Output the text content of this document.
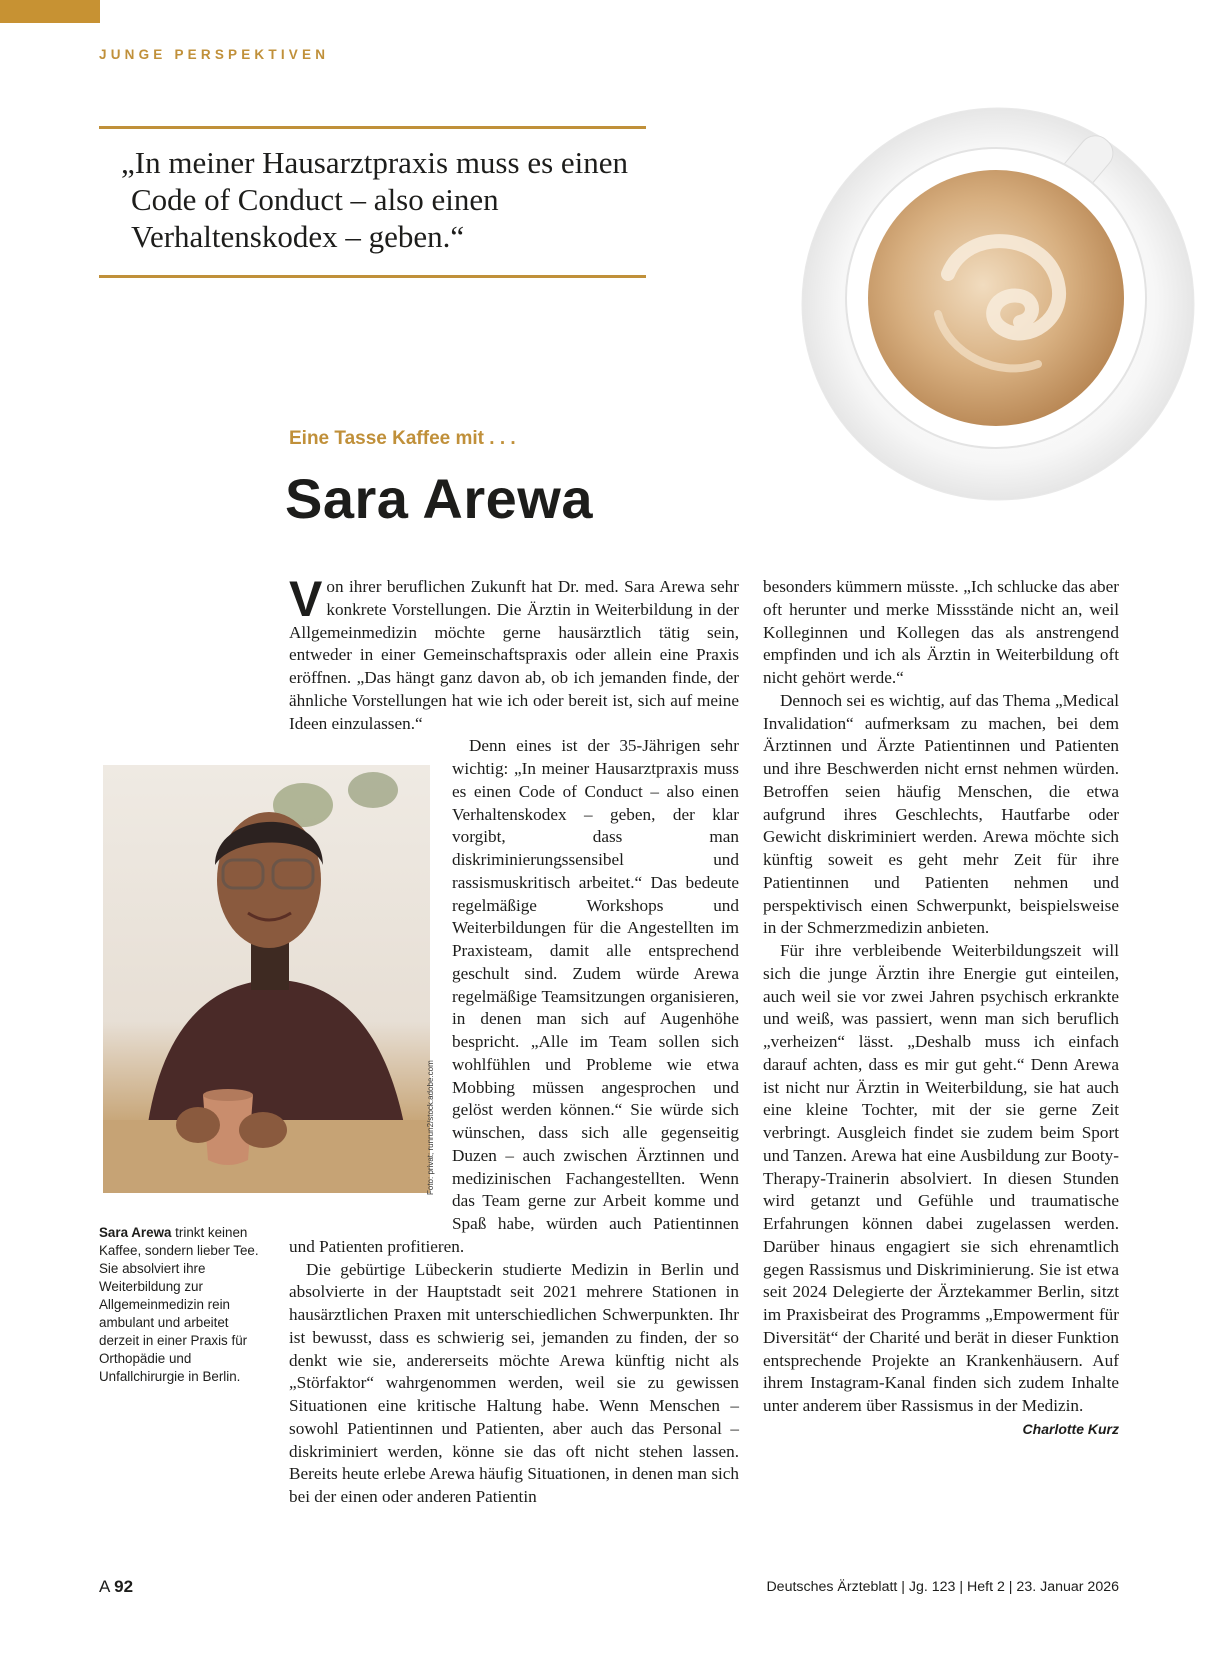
JUNGE PERSPEKTIVEN

„In meiner Hausarztpraxis muss es einen Code of Conduct – also einen Verhaltenskodex – geben.“

Eine Tasse Kaffee mit . . .
Sara Arewa
Foto: privat; runrun2/stock.adobe.com
Sara Arewa trinkt keinen Kaffee, sondern lieber Tee. Sie absolviert ihre Weiterbildung zur Allgemeinmedizin rein ambulant und arbeitet derzeit in einer Praxis für Orthopädie und Unfallchirurgie in Berlin.

Von ihrer beruflichen Zukunft hat Dr. med. Sara Arewa sehr konkrete Vorstellungen. Die Ärztin in Weiterbildung in der Allgemeinmedizin möchte gerne hausärztlich tätig sein, entweder in einer Gemeinschaftspraxis oder allein eine Praxis eröffnen. „Das hängt ganz davon ab, ob ich jemanden finde, der ähnliche Vorstellungen hat wie ich oder bereit ist, sich auf meine Ideen einzulassen.“

Denn eines ist der 35-Jährigen sehr wichtig: „In meiner Hausarztpraxis muss es einen Code of Conduct – also einen Verhaltenskodex – geben, der klar vorgibt, dass man diskriminierungssensibel und rassismuskritisch arbeitet.“ Das bedeute regelmäßige Workshops und Weiterbildungen für die Angestellten im Praxisteam, damit alle entsprechend geschult sind. Zudem würde Arewa regelmäßige Teamsitzungen organisieren, in denen man sich auf Augenhöhe bespricht. „Alle im Team sollen sich wohlfühlen und Probleme wie etwa Mobbing müssen angesprochen und gelöst werden können.“ Sie würde sich wünschen, dass sich alle gegenseitig Duzen – auch zwischen Ärztinnen und medizinischen Fachangestellten. Wenn das Team gerne zur Arbeit komme und Spaß habe, würden auch Patientinnen und Patienten profitieren.

Die gebürtige Lübeckerin studierte Medizin in Berlin und absolvierte in der Hauptstadt seit 2021 mehrere Stationen in hausärztlichen Praxen mit unterschiedlichen Schwerpunkten. Ihr ist bewusst, dass es schwierig sei, jemanden zu finden, der so denkt wie sie, andererseits möchte Arewa künftig nicht als „Störfaktor“ wahrgenommen werden, weil sie zu gewissen Situationen eine kritische Haltung habe. Wenn Menschen – sowohl Patientinnen und Patienten, aber auch das Personal – diskriminiert werden, könne sie das oft nicht stehen lassen. Bereits heute erlebe Arewa häufig Situationen, in denen man sich bei der einen oder anderen Patientin

besonders kümmern müsste. „Ich schlucke das aber oft herunter und merke Missstände nicht an, weil Kolleginnen und Kollegen das als anstrengend empfinden und ich als Ärztin in Weiterbildung oft nicht gehört werde.“

Dennoch sei es wichtig, auf das Thema „Medical Invalidation“ aufmerksam zu machen, bei dem Ärztinnen und Ärzte Patientinnen und Patienten und ihre Beschwerden nicht ernst nehmen würden. Betroffen seien häufig Menschen, die etwa aufgrund ihres Geschlechts, Hautfarbe oder Gewicht diskriminiert werden. Arewa möchte sich künftig soweit es geht mehr Zeit für ihre Patientinnen und Patienten nehmen und perspektivisch einen Schwerpunkt, beispielsweise in der Schmerzmedizin anbieten.

Für ihre verbleibende Weiterbildungszeit will sich die junge Ärztin ihre Energie gut einteilen, auch weil sie vor zwei Jahren psychisch erkrankte und weiß, was passiert, wenn man sich beruflich „verheizen“ lässt. „Deshalb muss ich einfach darauf achten, dass es mir gut geht.“ Denn Arewa ist nicht nur Ärztin in Weiterbildung, sie hat auch eine kleine Tochter, mit der sie gerne Zeit verbringt. Ausgleich findet sie zudem beim Sport und Tanzen. Arewa hat eine Ausbildung zur Booty-Therapy-Trainerin absolviert. In diesen Stunden wird getanzt und Gefühle und traumatische Erfahrungen können dabei zugelassen werden. Darüber hinaus engagiert sie sich ehrenamtlich gegen Rassismus und Diskriminierung. Sie ist etwa seit 2024 Delegierte der Ärztekammer Berlin, sitzt im Praxisbeirat des Programms „Empowerment für Diversität“ der Charité und berät in dieser Funktion entsprechende Projekte an Krankenhäusern. Auf ihrem Instagram-Kanal finden sich zudem Inhalte unter anderem über Rassismus in der Medizin.
Charlotte Kurz

A 92	Deutsches Ärzteblatt | Jg. 123 | Heft 2 | 23. Januar 2026
